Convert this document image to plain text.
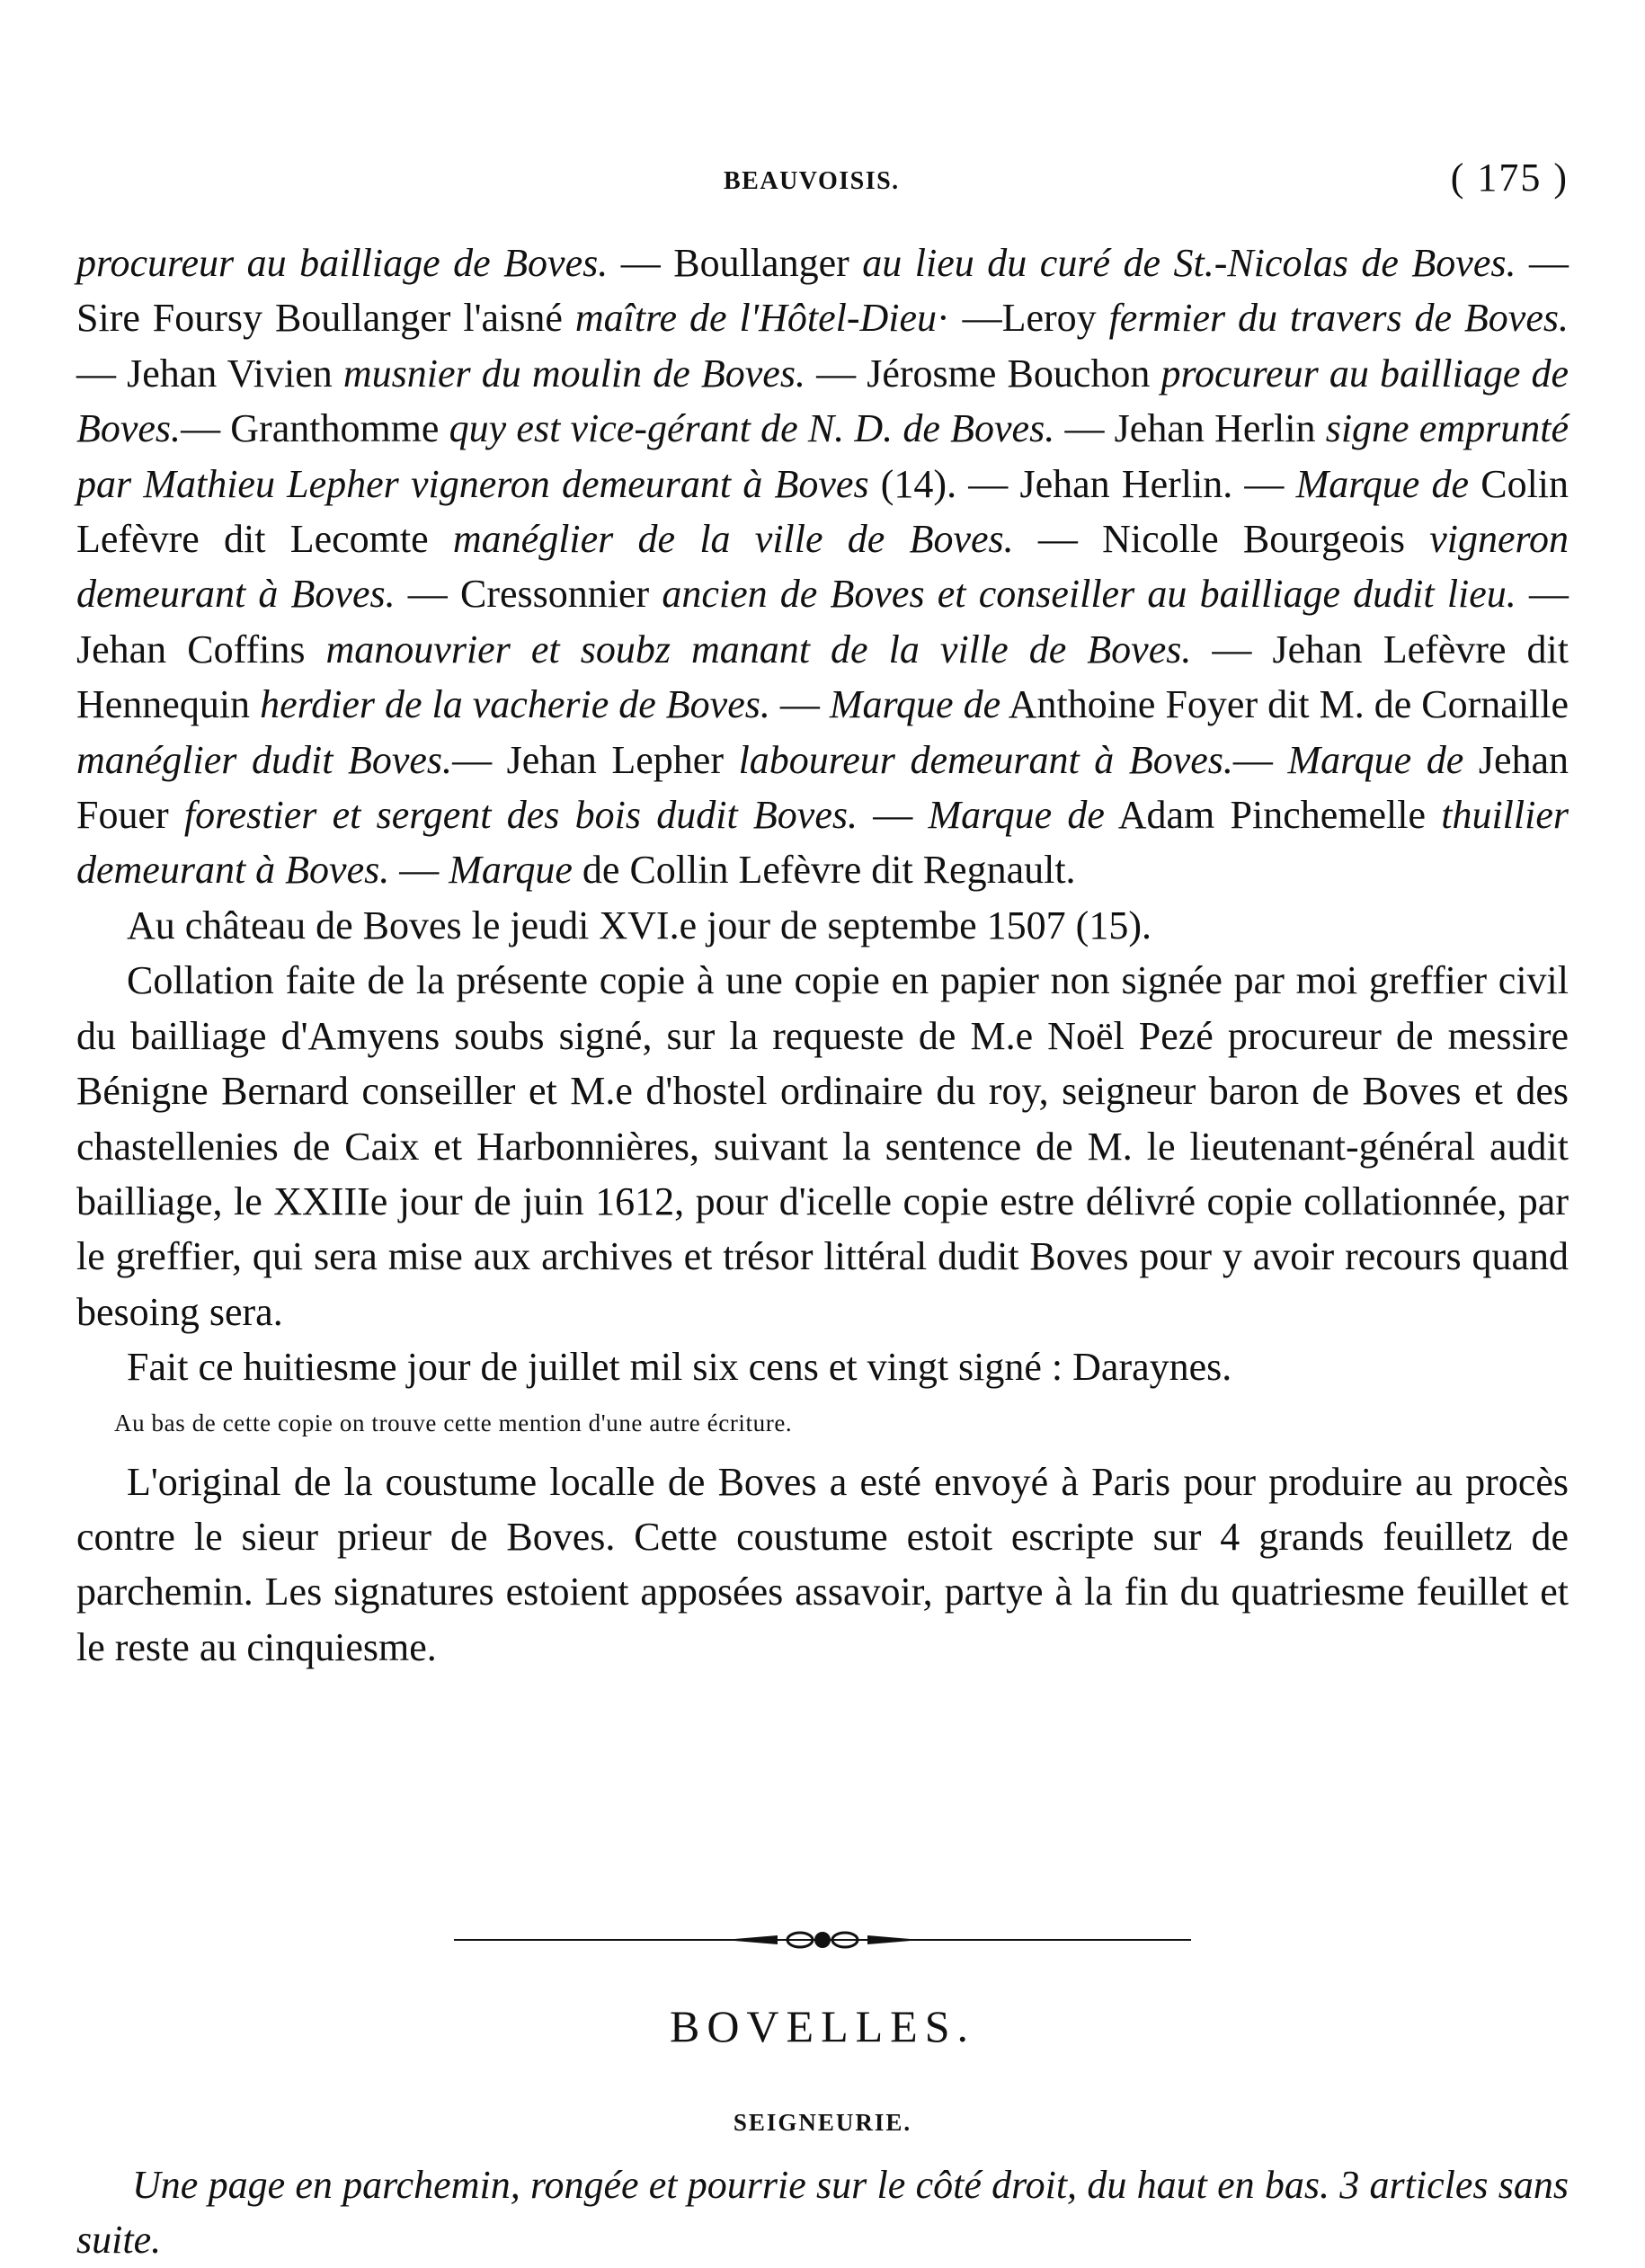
BEAUVOISIS.	( 175 )

procureur au bailliage de Boves. — Boullanger au lieu du curé de St.-Nicolas de Boves. — Sire Foursy Boullanger l'aisné maître de l'Hôtel-Dieu· —Leroy fermier du travers de Boves. — Jehan Vivien musnier du moulin de Boves. — Jérosme Bouchon procureur au bailliage de Boves.— Granthomme quy est vice-gérant de N. D. de Boves. — Jehan Herlin signe emprunté par Mathieu Lepher vigneron demeurant à Boves (14). — Jehan Herlin. — Marque de Colin Lefèvre dit Lecomte manéglier de la ville de Boves. — Nicolle Bourgeois vigneron demeurant à Boves. — Cressonnier ancien de Boves et conseiller au bailliage dudit lieu. — Jehan Coffins manouvrier et soubz manant de la ville de Boves. — Jehan Lefèvre dit Hennequin herdier de la vacherie de Boves. — Marque de Anthoine Foyer dit M. de Cornaille manéglier dudit Boves.— Jehan Lepher laboureur demeurant à Boves.— Marque de Jehan Fouer forestier et sergent des bois dudit Boves. — Marque de Adam Pinchemelle thuillier demeurant à Boves. — Marque de Collin Lefèvre dit Regnault.

Au château de Boves le jeudi XVI.e jour de septembe 1507 (15).

Collation faite de la présente copie à une copie en papier non signée par moi greffier civil du bailliage d'Amyens soubs signé, sur la requeste de M.e Noël Pezé procureur de messire Bénigne Bernard conseiller et M.e d'hostel ordinaire du roy, seigneur baron de Boves et des chastellenies de Caix et Harbonnières, suivant la sentence de M. le lieutenant-général audit bailliage, le XXIIIe jour de juin 1612, pour d'icelle copie estre délivré copie collationnée, par le greffier, qui sera mise aux archives et trésor littéral dudit Boves pour y avoir recours quand besoing sera.

Fait ce huitiesme jour de juillet mil six cens et vingt signé : Daraynes.

Au bas de cette copie on trouve cette mention d'une autre écriture.

L'original de la coustume localle de Boves a esté envoyé à Paris pour produire au procès contre le sieur prieur de Boves. Cette coustume estoit escripte sur 4 grands feuilletz de parchemin. Les signatures estoient apposées assavoir, partye à la fin du quatriesme feuillet et le reste au cinquiesme.

BOVELLES.
SEIGNEURIE.

Une page en parchemin, rongée et pourrie sur le côté droit, du haut en bas. 3 articles sans suite.
